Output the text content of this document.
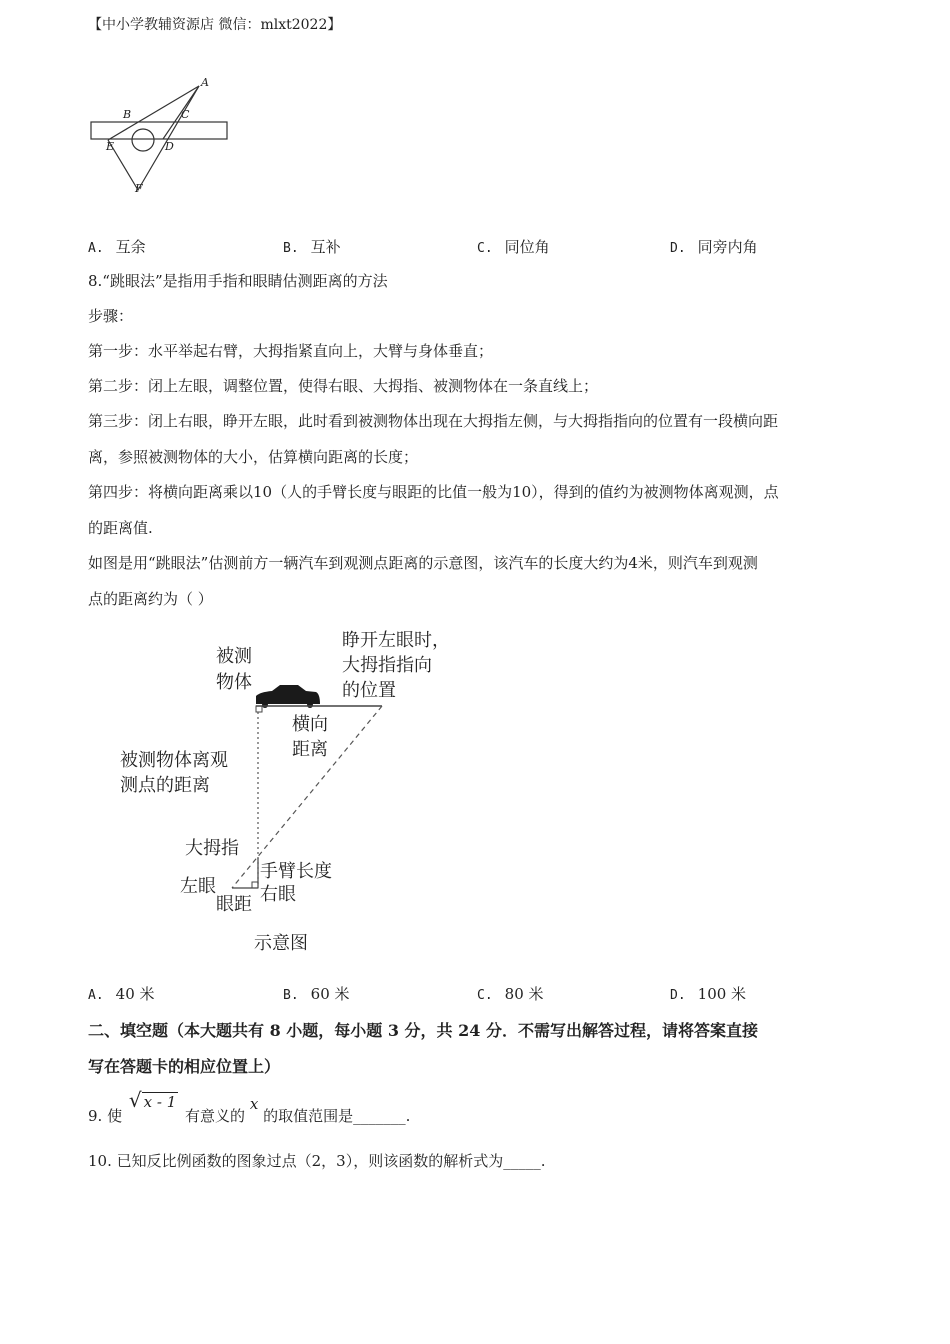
【中小学教辅资源店 微信：mlxt2022】
A
B	C
D
E
F
A. 互余	B. 互补	C. 同位角	D. 同旁内角
8.“跳眼法”是指用手指和眼睛估测距离的方法
步骤：
第一步：水平举起右臂，大拇指紧直向上，大臂与身体垂直；
第二步：闭上左眼，调整位置，使得右眼、大拇指、被测物体在一条直线上；
第三步：闭上右眼，睁开左眼，此时看到被测物体出现在大拇指左侧，与大拇指指向的位置有一段横向距
离，参照被测物体的大小，估算横向距离的长度；
第四步：将横向距离乘以10（人的手臂长度与眼距的比值一般为10），得到的值约为被测物体离观测，点
的距离值.
如图是用“跳眼法”估测前方一辆汽车到观测点距离的示意图，该汽车的长度大约为4米，则汽车到观测
点的距离约为（ ）
被测
物体
睁开左眼时，
大拇指指向
的位置
横向
距离
被测物体离观
测点的距离
大拇指
手臂长度
左眼 右眼
眼距
示意图
A. 40 米	B. 60 米	C. 80 米	D. 100 米
二、填空题（本大题共有 8 小题，每小题 3 分，共 24 分．不需写出解答过程，请将答案直接
写在答题卡的相应位置上）
9. 使 √ x - 1 有意义的 x 的取值范围是_______.
10. 已知反比例函数的图象过点（2，3），则该函数的解析式为_____.
